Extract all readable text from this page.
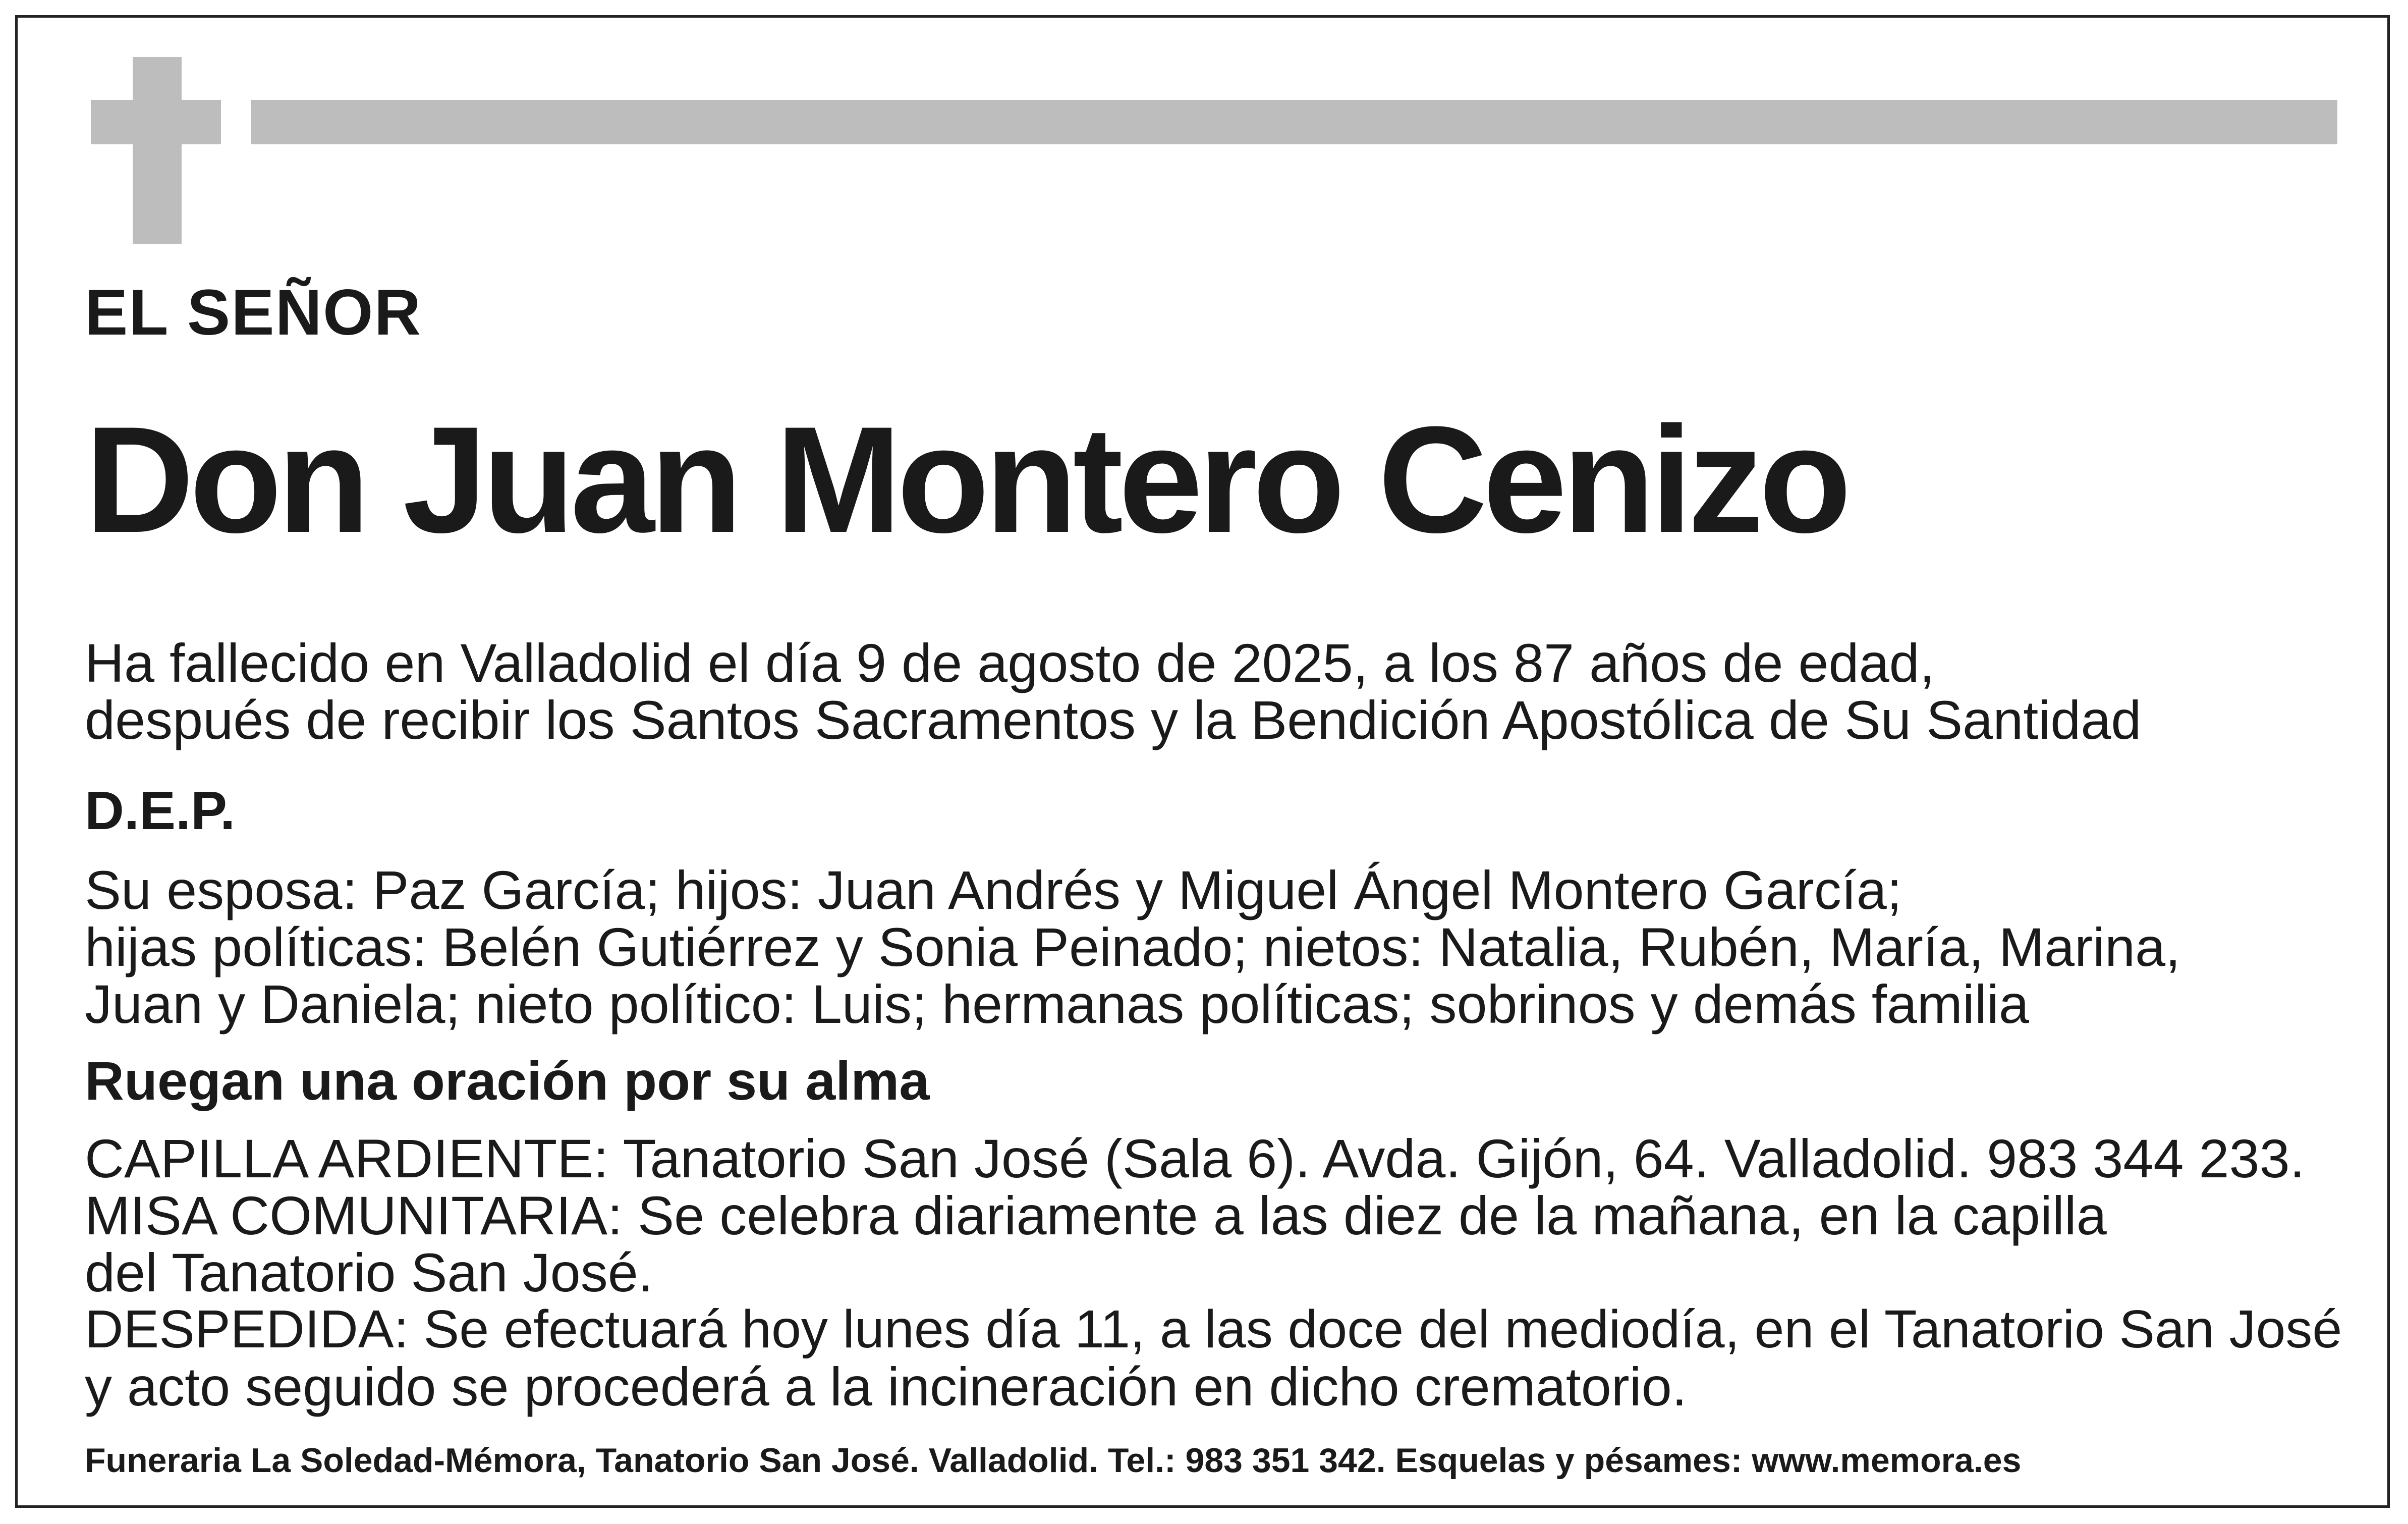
EL SEÑOR

Don Juan Montero Cenizo

Ha fallecido en Valladolid el día 9 de agosto de 2025, a los 87 años de edad,

después de recibir los Santos Sacramentos y la Bendición Apostólica de Su Santidad

D.E.P.

Su esposa: Paz García; hijos: Juan Andrés y Miguel Ángel Montero García;

hijas políticas: Belén Gutiérrez y Sonia Peinado; nietos: Natalia, Rubén, María, Marina,

Juan y Daniela; nieto político: Luis; hermanas políticas; sobrinos y demás familia

Ruegan una oración por su alma

CAPILLA ARDIENTE: Tanatorio San José (Sala 6). Avda. Gijón, 64. Valladolid. 983 344 233.

MISA COMUNITARIA: Se celebra diariamente a las diez de la mañana, en la capilla

del Tanatorio San José.

DESPEDIDA: Se efectuará hoy lunes día 11, a las doce del mediodía, en el Tanatorio San José

y acto seguido se procederá a la incineración en dicho crematorio.

Funeraria La Soledad-Mémora, Tanatorio San José. Valladolid. Tel.: 983 351 342. Esquelas y pésames: www.memora.es
